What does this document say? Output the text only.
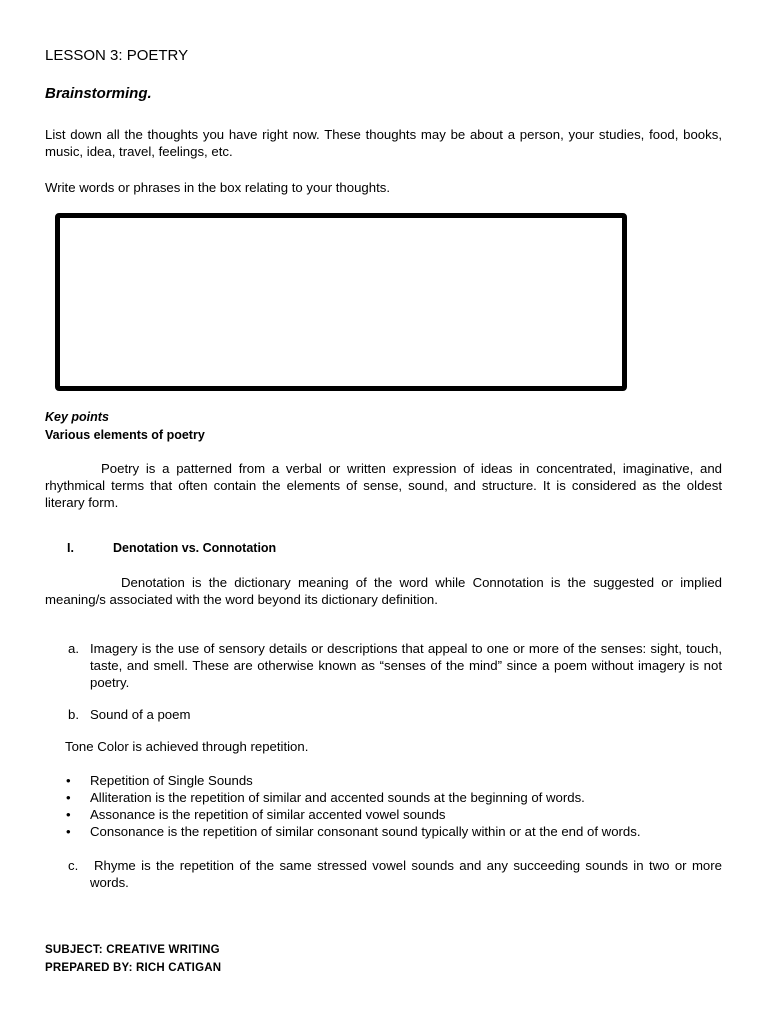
LESSON 3: POETRY
Brainstorming.
List down all the thoughts you have right now. These thoughts may be about a person, your studies, food, books, music, idea, travel, feelings, etc.
Write words or phrases in the box relating to your thoughts.
Key points
Various elements of poetry
Poetry is a patterned from a verbal or written expression of ideas in concentrated, imaginative, and rhythmical terms that often contain the elements of sense, sound, and structure. It is considered as the oldest literary form.
I.	Denotation vs. Connotation
Denotation is the dictionary meaning of the word while Connotation is the suggested or implied meaning/s associated with the word beyond its dictionary definition.
a. Imagery is the use of sensory details or descriptions that appeal to one or more of the senses: sight, touch, taste, and smell. These are otherwise known as “senses of the mind” since a poem without imagery is not poetry.
b. Sound of a poem
Tone Color is achieved through repetition.
• Repetition of Single Sounds
• Alliteration is the repetition of similar and accented sounds at the beginning of words.
• Assonance is the repetition of similar accented vowel sounds
• Consonance is the repetition of similar consonant sound typically within or at the end of words.
c.	Rhyme is the repetition of the same stressed vowel sounds and any succeeding sounds in two or more words.
SUBJECT: CREATIVE WRITING
PREPARED BY: RICH CATIGAN
